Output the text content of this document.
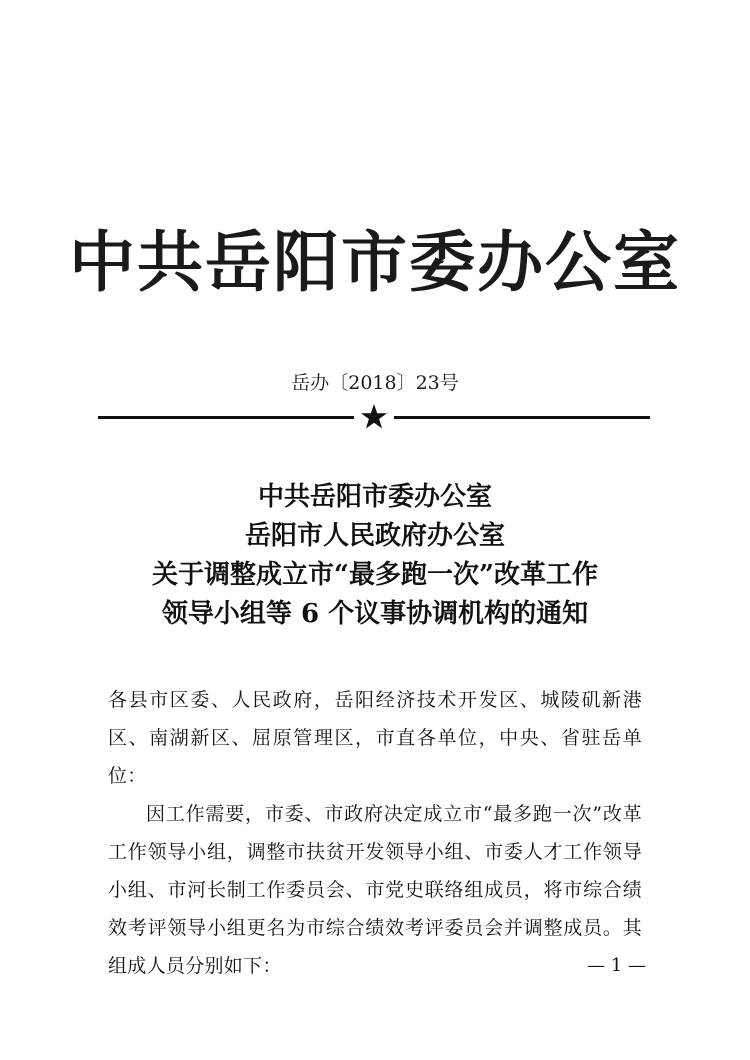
中共岳阳市委办公室
岳办〔2018〕23号
中共岳阳市委办公室
岳阳市人民政府办公室
关于调整成立市“最多跑一次”改革工作
领导小组等 6 个议事协调机构的通知

各县市区委、人民政府，岳阳经济技术开发区、城陵矶新港区、南湖新区、屈原管理区，市直各单位，中央、省驻岳单位：

因工作需要，市委、市政府决定成立市“最多跑一次”改革工作领导小组，调整市扶贫开发领导小组、市委人才工作领导小组、市河长制工作委员会、市党史联络组成员，将市综合绩效考评领导小组更名为市综合绩效考评委员会并调整成员。其组成人员分别如下：	— 1 —
